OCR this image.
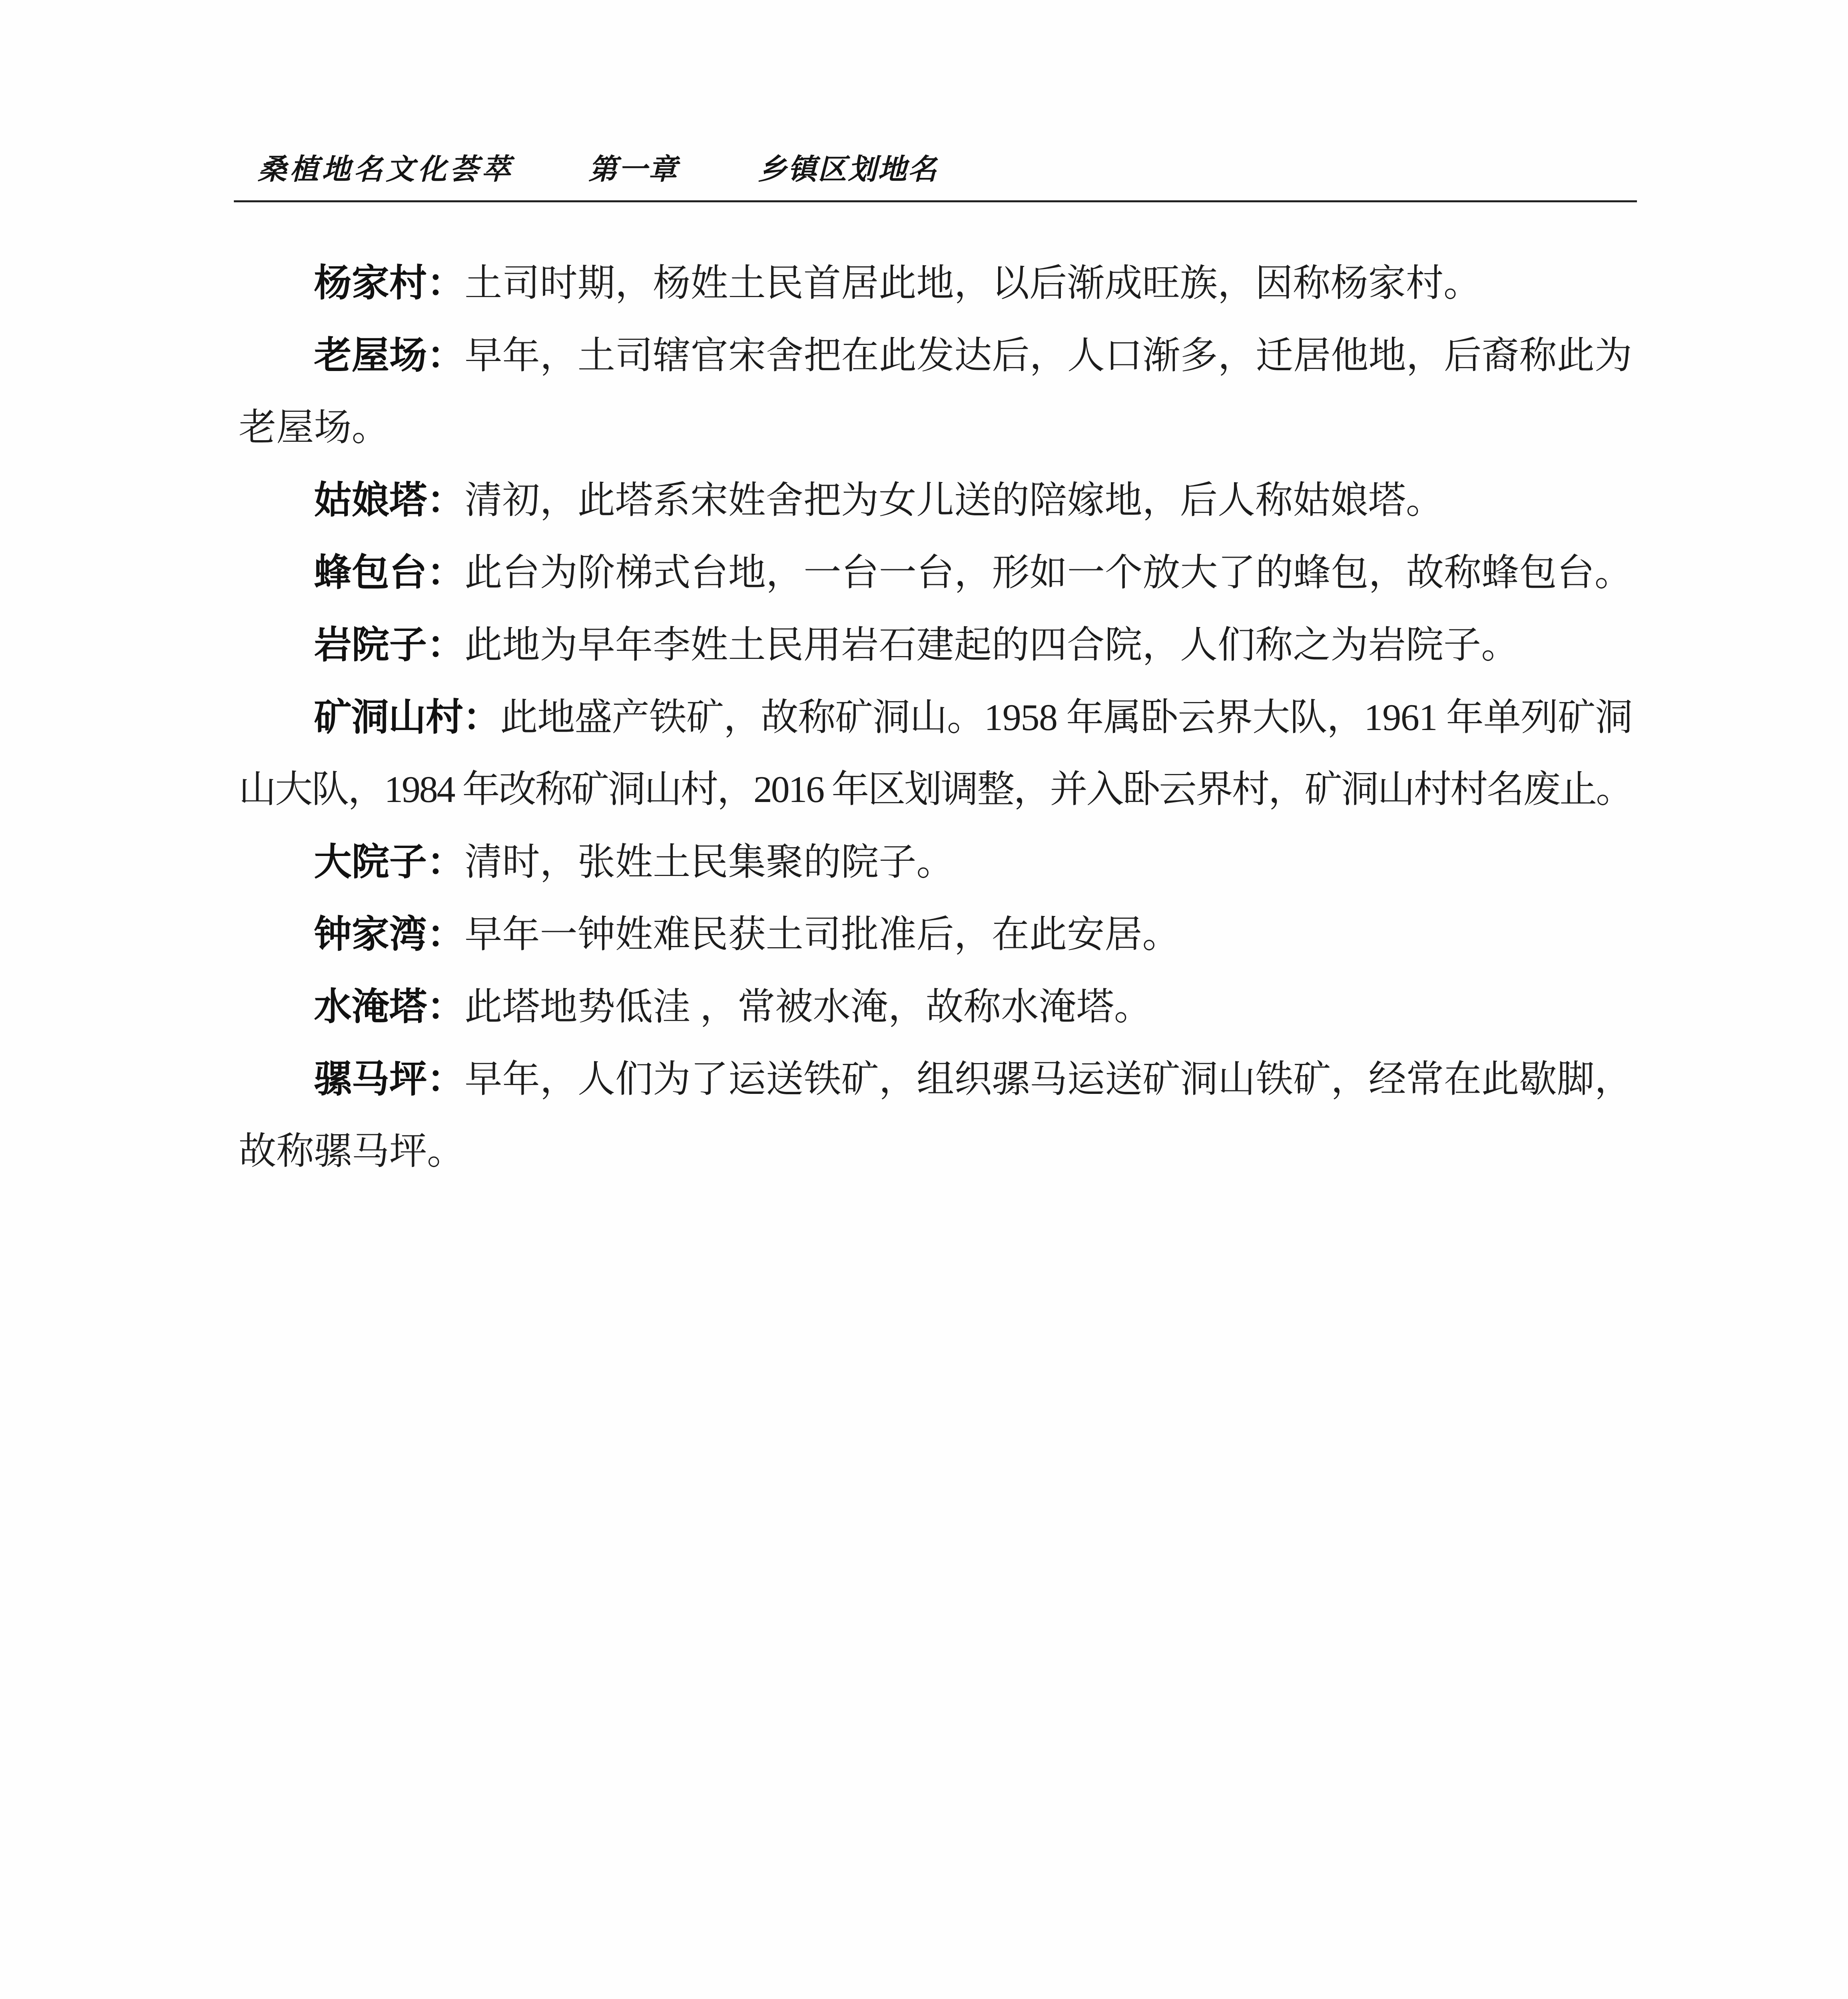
桑植地名文化荟萃	第一章	乡镇区划地名
杨家村：土司时期，杨姓土民首居此地，以后渐成旺族，因称杨家村。
老屋场：早年，土司辖官宋舍把在此发达后，人口渐多，迁居他地，后裔称此为
老屋场。
姑娘塔：清初，此塔系宋姓舍把为女儿送的陪嫁地，后人称姑娘塔。
蜂包台：此台为阶梯式台地，一台一台，形如一个放大了的蜂包，故称蜂包台。
岩院子：此地为早年李姓土民用岩石建起的四合院，人们称之为岩院子。
矿洞山村：此地盛产铁矿，故称矿洞山。1958 年属卧云界大队，1961 年单列矿洞
山大队，1984 年改称矿洞山村，2016 年区划调整，并入卧云界村，矿洞山村村名废止。
大院子：清时，张姓土民集聚的院子。
钟家湾：早年一钟姓难民获土司批准后，在此安居。
水淹塔：此塔地势低洼 ，常被水淹，故称水淹塔。
骡马坪：早年，人们为了运送铁矿，组织骡马运送矿洞山铁矿，经常在此歇脚，
故称骡马坪。
